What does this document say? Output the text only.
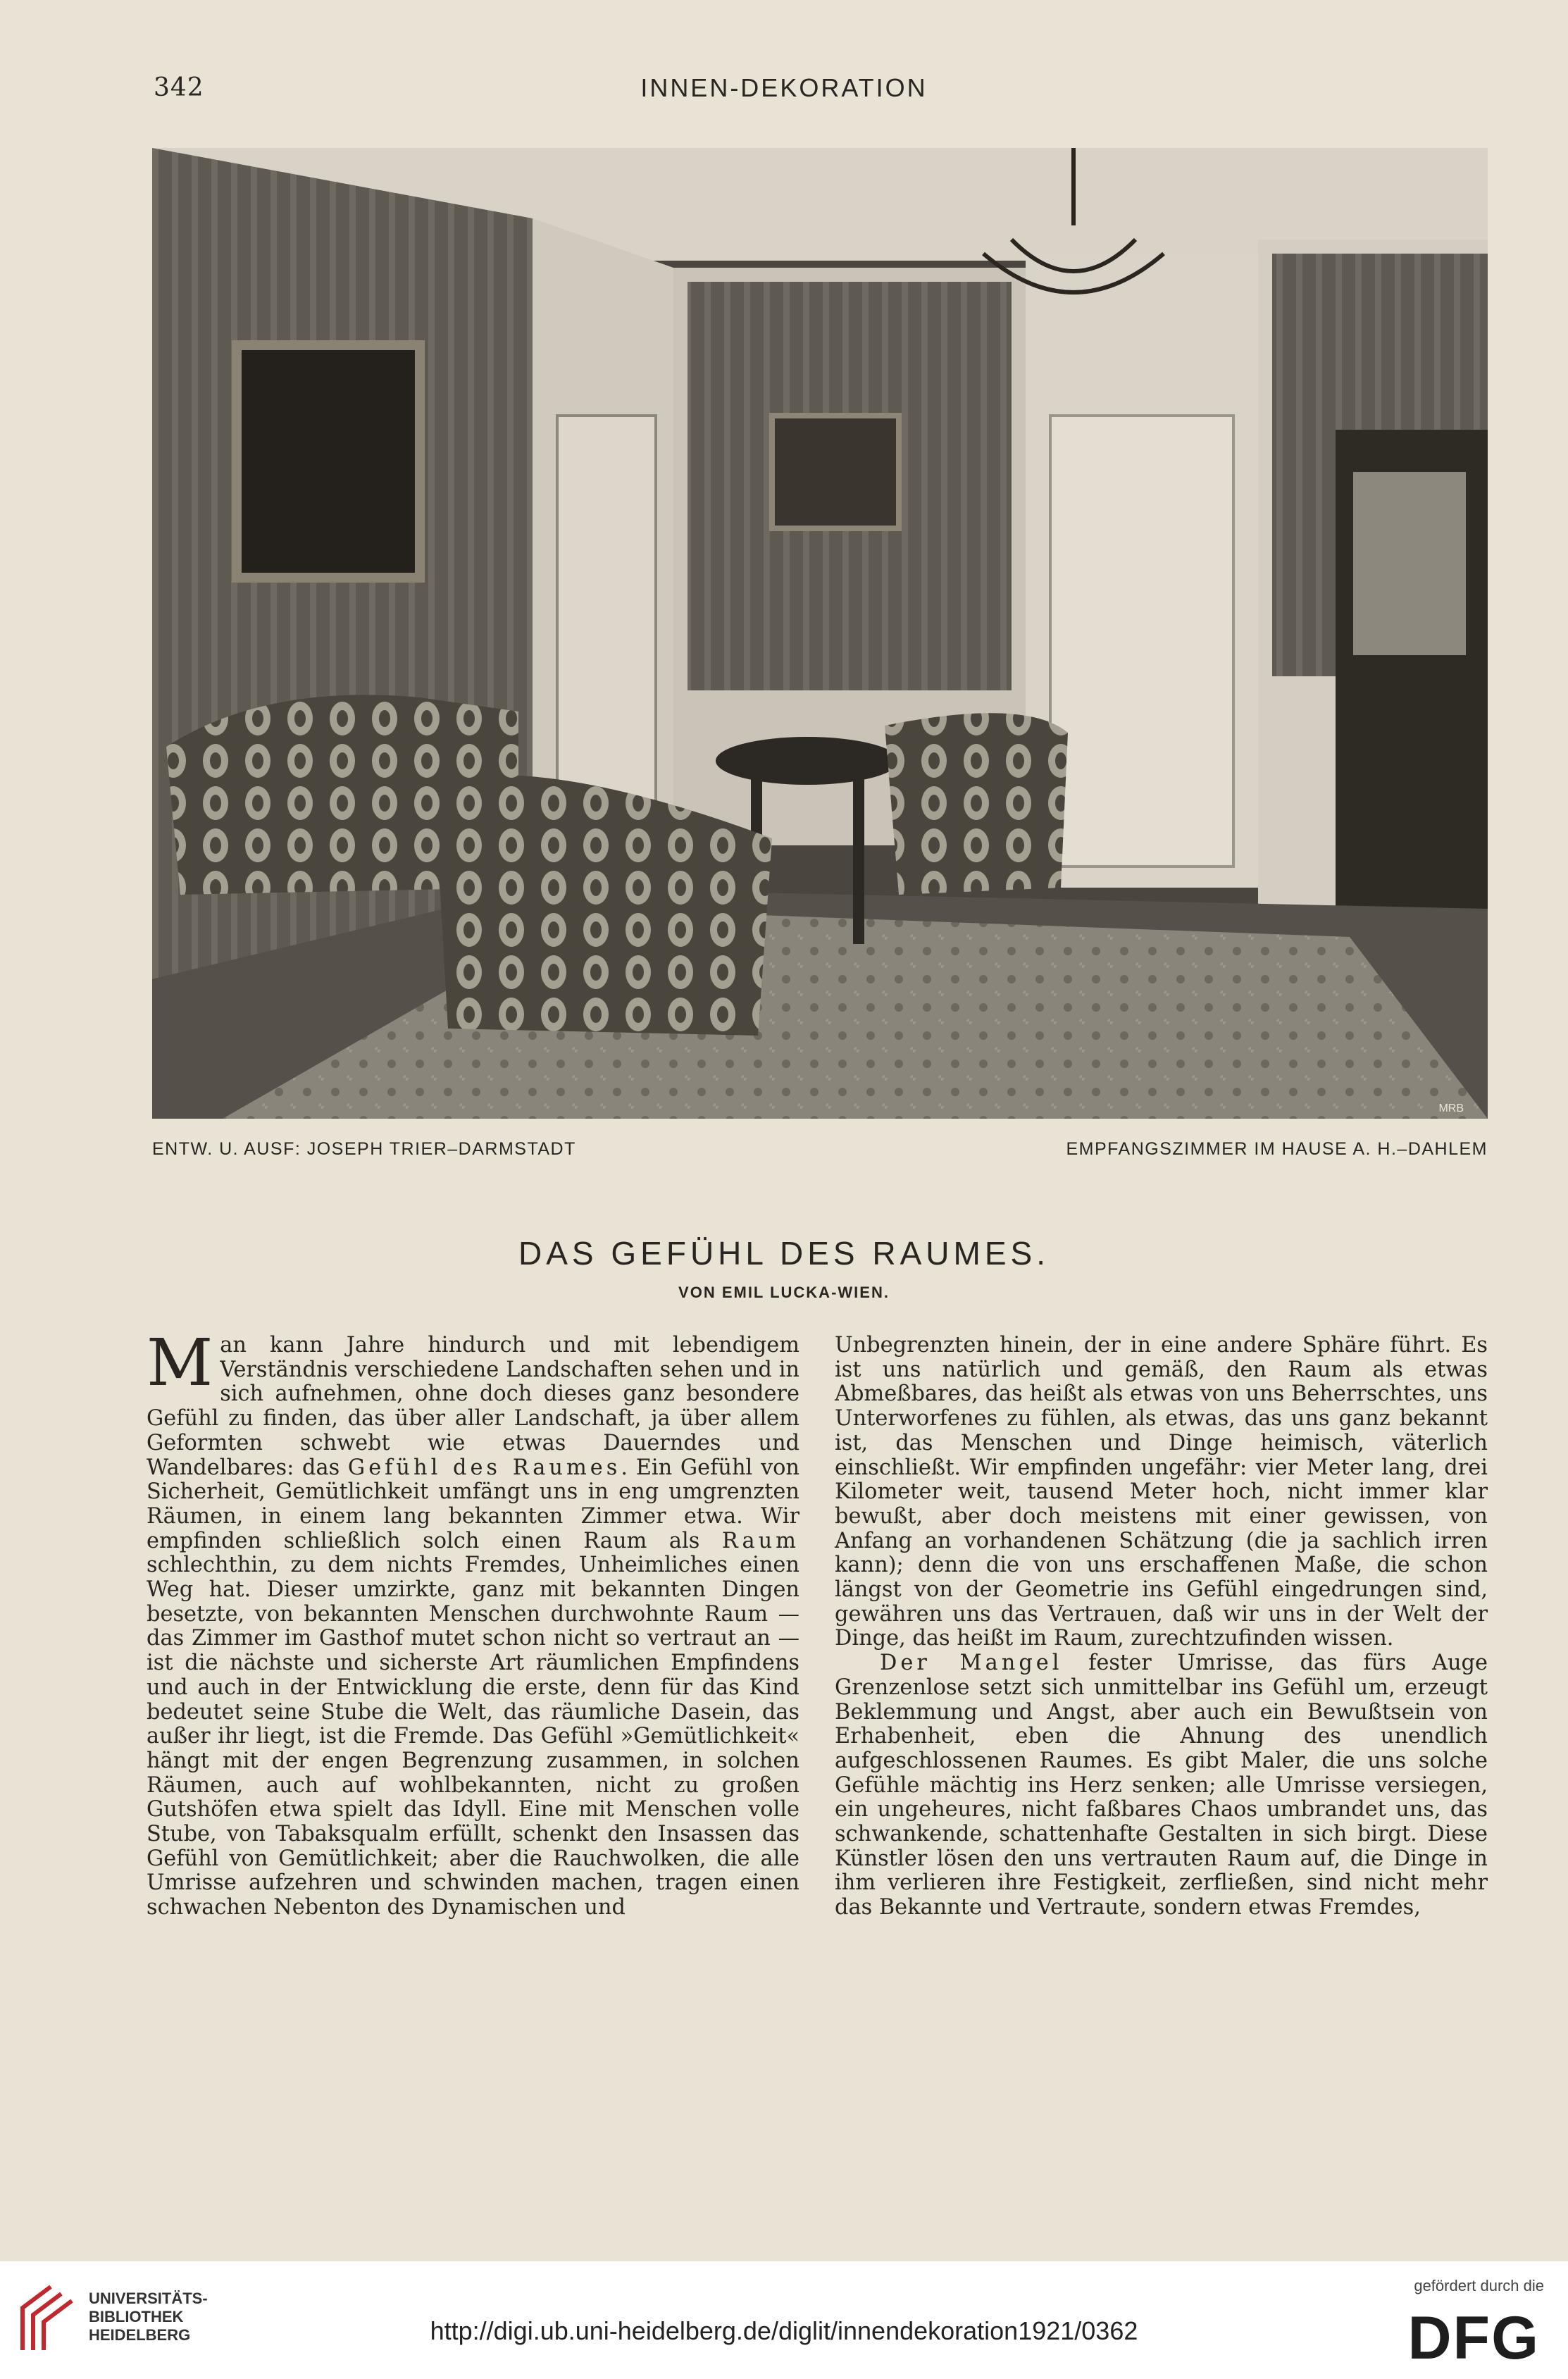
342	INNEN-DEKORATION
MRB
ENTW. U. AUSF: JOSEPH TRIER–DARMSTADT	EMPFANGSZIMMER IM HAUSE A. H.–DAHLEM
DAS GEFÜHL DES RAUMES.
VON EMIL LUCKA-WIEN.

Man kann Jahre hindurch und mit lebendigem Verständnis verschiedene Landschaften sehen und in sich aufnehmen, ohne doch dieses ganz besondere Gefühl zu finden, das über aller Landschaft, ja über allem Geformten schwebt wie etwas Dauerndes und Wandelbares: das Gefühl des Raumes. Ein Gefühl von Sicherheit, Gemütlichkeit umfängt uns in eng umgrenzten Räumen, in einem lang bekannten Zimmer etwa. Wir empfinden schließlich solch einen Raum als Raum schlechthin, zu dem nichts Fremdes, Unheimliches einen Weg hat. Dieser umzirkte, ganz mit bekannten Dingen besetzte, von bekannten Menschen durchwohnte Raum — das Zimmer im Gasthof mutet schon nicht so vertraut an — ist die nächste und sicherste Art räumlichen Empfindens und auch in der Entwicklung die erste, denn für das Kind bedeutet seine Stube die Welt, das räumliche Dasein, das außer ihr liegt, ist die Fremde. Das Gefühl »Gemütlichkeit« hängt mit der engen Begrenzung zusammen, in solchen Räumen, auch auf wohlbekannten, nicht zu großen Gutshöfen etwa spielt das Idyll. Eine mit Menschen volle Stube, von Tabaksqualm erfüllt, schenkt den Insassen das Gefühl von Gemütlichkeit; aber die Rauchwolken, die alle Umrisse aufzehren und schwinden machen, tragen einen schwachen Nebenton des Dynamischen und

Unbegrenzten hinein, der in eine andere Sphäre führt. Es ist uns natürlich und gemäß, den Raum als etwas Abmeßbares, das heißt als etwas von uns Beherrschtes, uns Unterworfenes zu fühlen, als etwas, das uns ganz bekannt ist, das Menschen und Dinge heimisch, väterlich einschließt. Wir empfinden ungefähr: vier Meter lang, drei Kilometer weit, tausend Meter hoch, nicht immer klar bewußt, aber doch meistens mit einer gewissen, von Anfang an vorhandenen Schätzung (die ja sachlich irren kann); denn die von uns erschaffenen Maße, die schon längst von der Geometrie ins Gefühl eingedrungen sind, gewähren uns das Vertrauen, daß wir uns in der Welt der Dinge, das heißt im Raum, zurechtzufinden wissen.

Der Mangel fester Umrisse, das fürs Auge Grenzenlose setzt sich unmittelbar ins Gefühl um, erzeugt Beklemmung und Angst, aber auch ein Bewußtsein von Erhabenheit, eben die Ahnung des unendlich aufgeschlossenen Raumes. Es gibt Maler, die uns solche Gefühle mächtig ins Herz senken; alle Umrisse versiegen, ein ungeheures, nicht faßbares Chaos umbrandet uns, das schwankende, schattenhafte Gestalten in sich birgt. Diese Künstler lösen den uns vertrauten Raum auf, die Dinge in ihm verlieren ihre Festigkeit, zerfließen, sind nicht mehr das Bekannte und Vertraute, sondern etwas Fremdes,

UNIVERSITÄTS-
BIBLIOTHEK
HEIDELBERG	http://digi.ub.uni-heidelberg.de/diglit/innendekoration1921/0362
gefördert durch die
DFG
